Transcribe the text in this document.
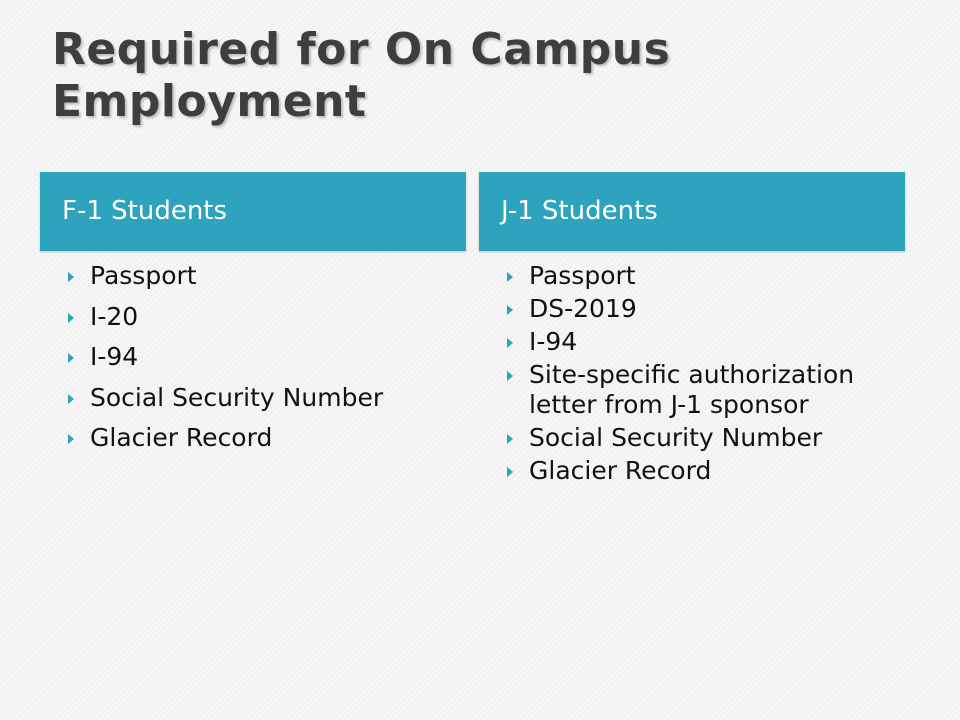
Required for On Campus Employment
F-1 Students
Passport
I-20
I-94
Social Security Number
Glacier Record
J-1 Students
Passport
DS-2019
I-94
Site-specific authorization letter from J-1 sponsor
Social Security Number
Glacier Record
